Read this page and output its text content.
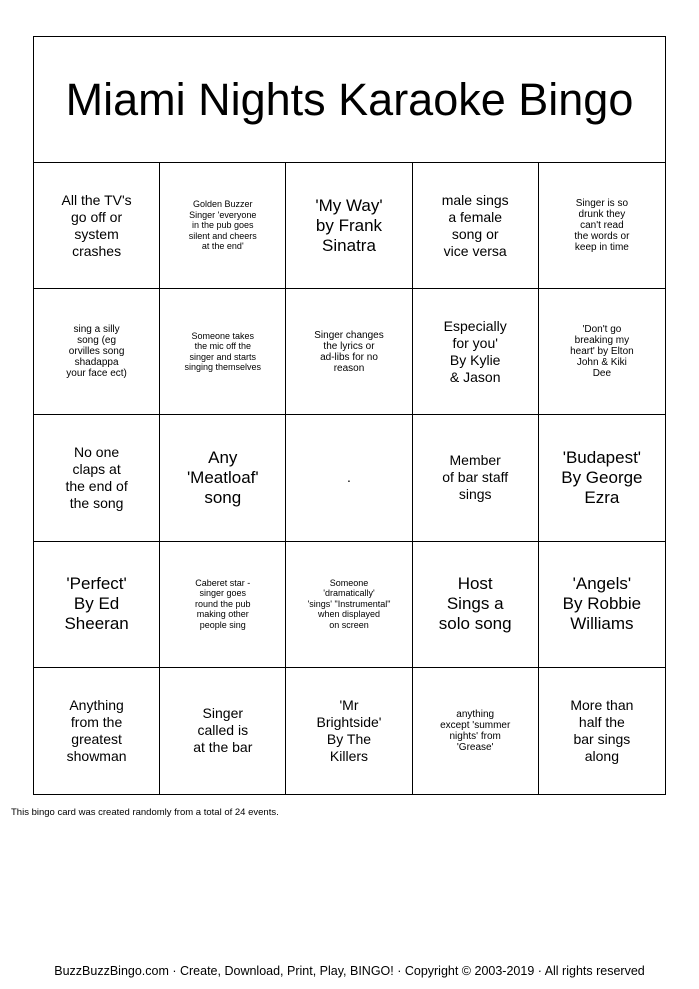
Miami Nights Karaoke Bingo
All the TV's
go off or
system
crashes
Golden Buzzer
Singer 'everyone
in the pub goes
silent and cheers
at the end'
'My Way'
by Frank
Sinatra
male sings
a female
song or
vice versa
Singer is so
drunk they
can't read
the words or
keep in time
sing a silly
song (eg
orvilles song
shadappa
your face ect)
Someone takes
the mic off the
singer and starts
singing themselves
Singer changes
the lyrics or
ad-libs for no
reason
Especially
for you'
By Kylie
& Jason
'Don't go
breaking my
heart' by Elton
John & Kiki
Dee
No one
claps at
the end of
the song
Any
'Meatloaf'
song
.
Member
of bar staff
sings
'Budapest'
By George
Ezra
'Perfect'
By Ed
Sheeran
Caberet star -
singer goes
round the pub
making other
people sing
Someone
'dramatically'
'sings' "Instrumental"
when displayed
on screen
Host
Sings a
solo song
'Angels'
By Robbie
Williams
Anything
from the
greatest
showman
Singer
called is
at the bar
'Mr
Brightside'
By The
Killers
anything
except 'summer
nights' from
'Grease'
More than
half the
bar sings
along
This bingo card was created randomly from a total of 24 events.
BuzzBuzzBingo.com · Create, Download, Print, Play, BINGO! · Copyright © 2003-2019 · All rights reserved
